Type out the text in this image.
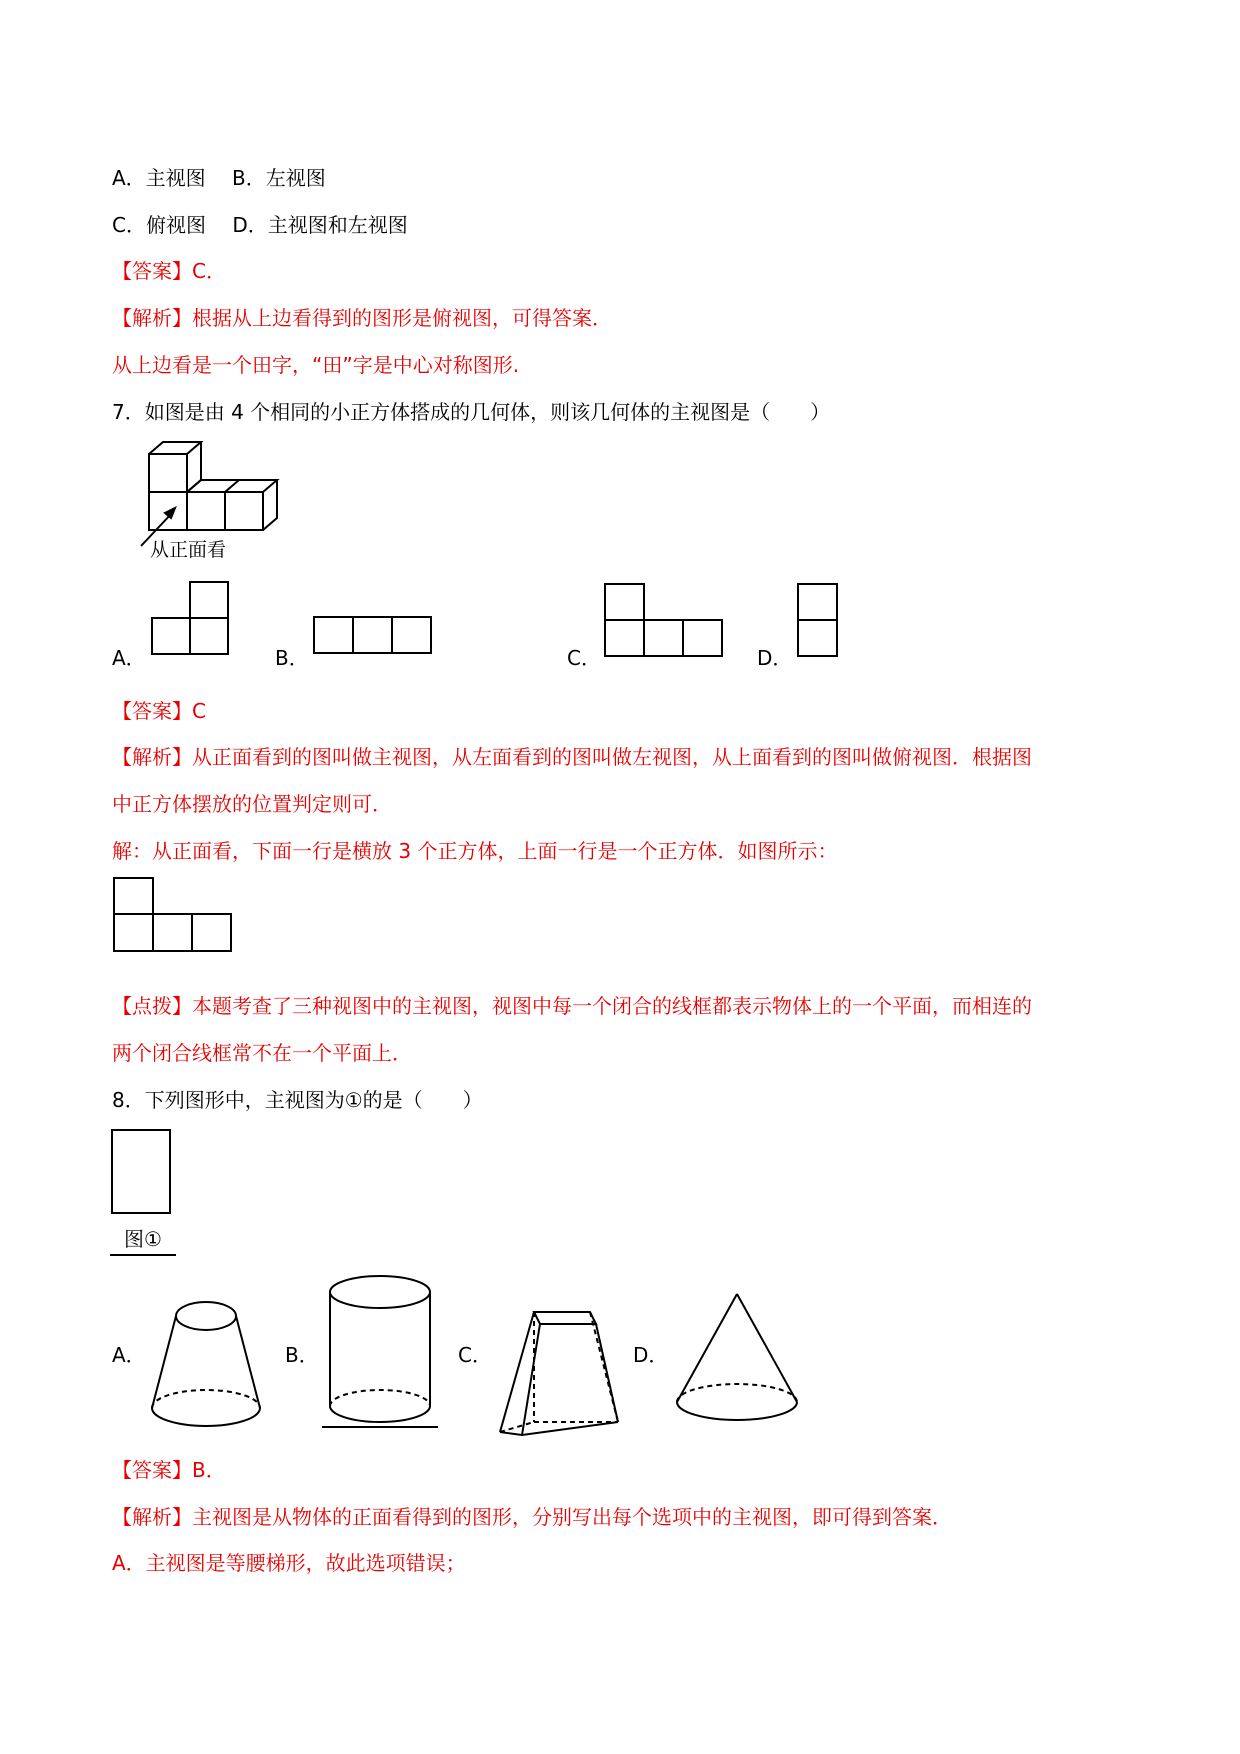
A．主视图　 B．左视图
C．俯视图　 D．主视图和左视图
【答案】C．
【解析】根据从上边看得到的图形是俯视图，可得答案．
从上边看是一个田字，“田”字是中心对称图形.
7．如图是由 4 个相同的小正方体搭成的几何体，则该几何体的主视图是（　　）
从正面看
A．	B．	C．	D．
【答案】C
【解析】从正面看到的图叫做主视图，从左面看到的图叫做左视图，从上面看到的图叫做俯视图．根据图
中正方体摆放的位置判定则可．
解：从正面看，下面一行是横放 3 个正方体，上面一行是一个正方体．如图所示：
【点拨】本题考查了三种视图中的主视图，视图中每一个闭合的线框都表示物体上的一个平面，而相连的
两个闭合线框常不在一个平面上．
8．下列图形中，主视图为①的是（　　）
图①
A．	B．	C．	D．
【答案】B．
【解析】主视图是从物体的正面看得到的图形，分别写出每个选项中的主视图，即可得到答案．
A．主视图是等腰梯形，故此选项错误；
